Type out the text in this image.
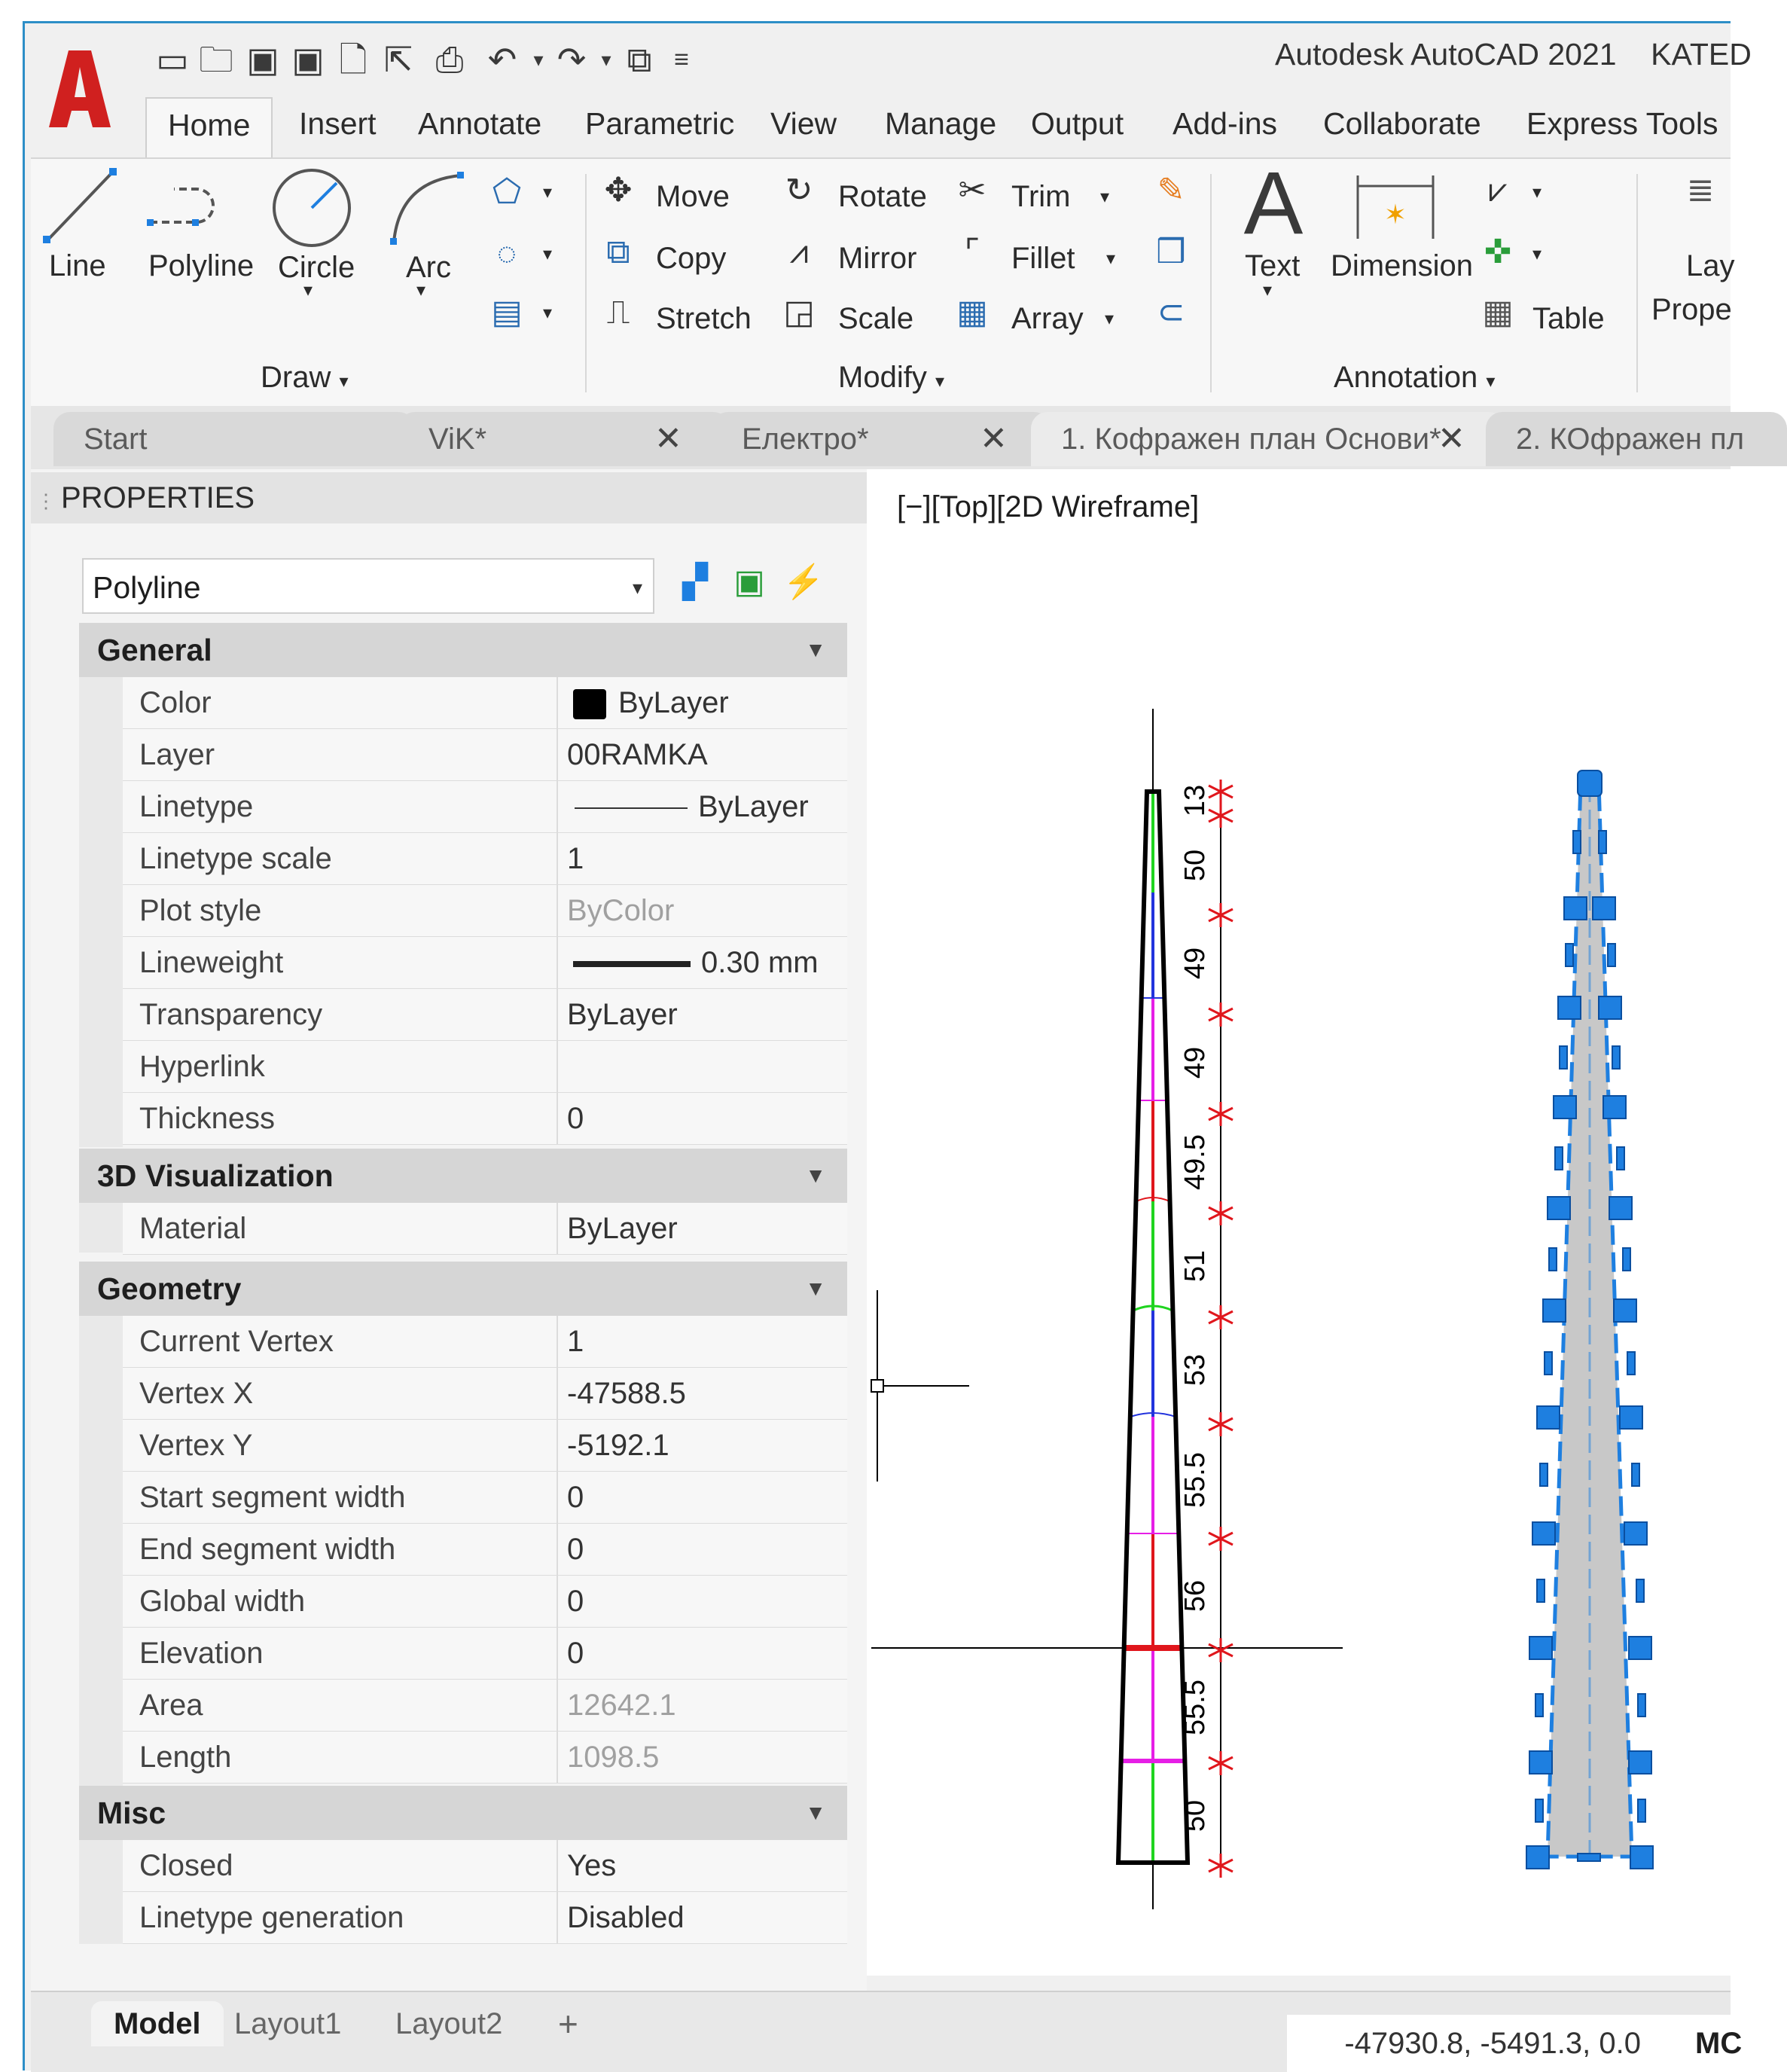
▭ 🗀 ▣ ▣ 🗋 ⇱ ⎙ ↶ ▾ ↷ ▾ ⧉ ≡	Autodesk AutoCAD 2021 KATED
Home	Insert Annotate Parametric View Manage Output Add-ins Collaborate Express Tools
Line Polyline Circle
▾
Arc
▾
⬠	▾
◌	▾
▤	▾
Draw ▾
✥ Move
⧉ Copy
⎍ Stretch
↻ Rotate
⩘ Mirror
◲ Scale
✂ Trim ▾
⌜	Fillet ▾
▦ Array ▾
✎
❒
⊂
Modify ▾
A
Text
▾
✶
Dimension
⩗	▾
✜	▾
▦ Table
Annotation ▾
≣
Lay
Prope
Start	ViK*	✕	Електро*	✕	1. Кофражен план Основи*
✕	2. КОфражен пл
⋮ PROPERTIES
Polyline	▾ ▞ ▣ ⚡
General	▼
Color	ByLayer
Layer	00RAMKA
Linetype	ByLayer
Linetype scale	1
Plot style	ByColor
Lineweight	0.30 mm
Transparency	ByLayer
Hyperlink
Thickness	0
3D Visualization	▼
Material	ByLayer
Geometry	▼
Current Vertex	1
Vertex X	-47588.5
Vertex Y	-5192.1
Start segment width	0
End segment width	0
Global width	0
Elevation	0
Area	12642.1
Length	1098.5
Misc	▼
Closed	Yes
Linetype generation	Disabled
[−][Top][2D Wireframe]
13
50
49
49
49.5
51
53
55.5
56
55.5
50
Model	Layout1 Layout2 +	-47930.8, -5491.3, 0.0	MC
